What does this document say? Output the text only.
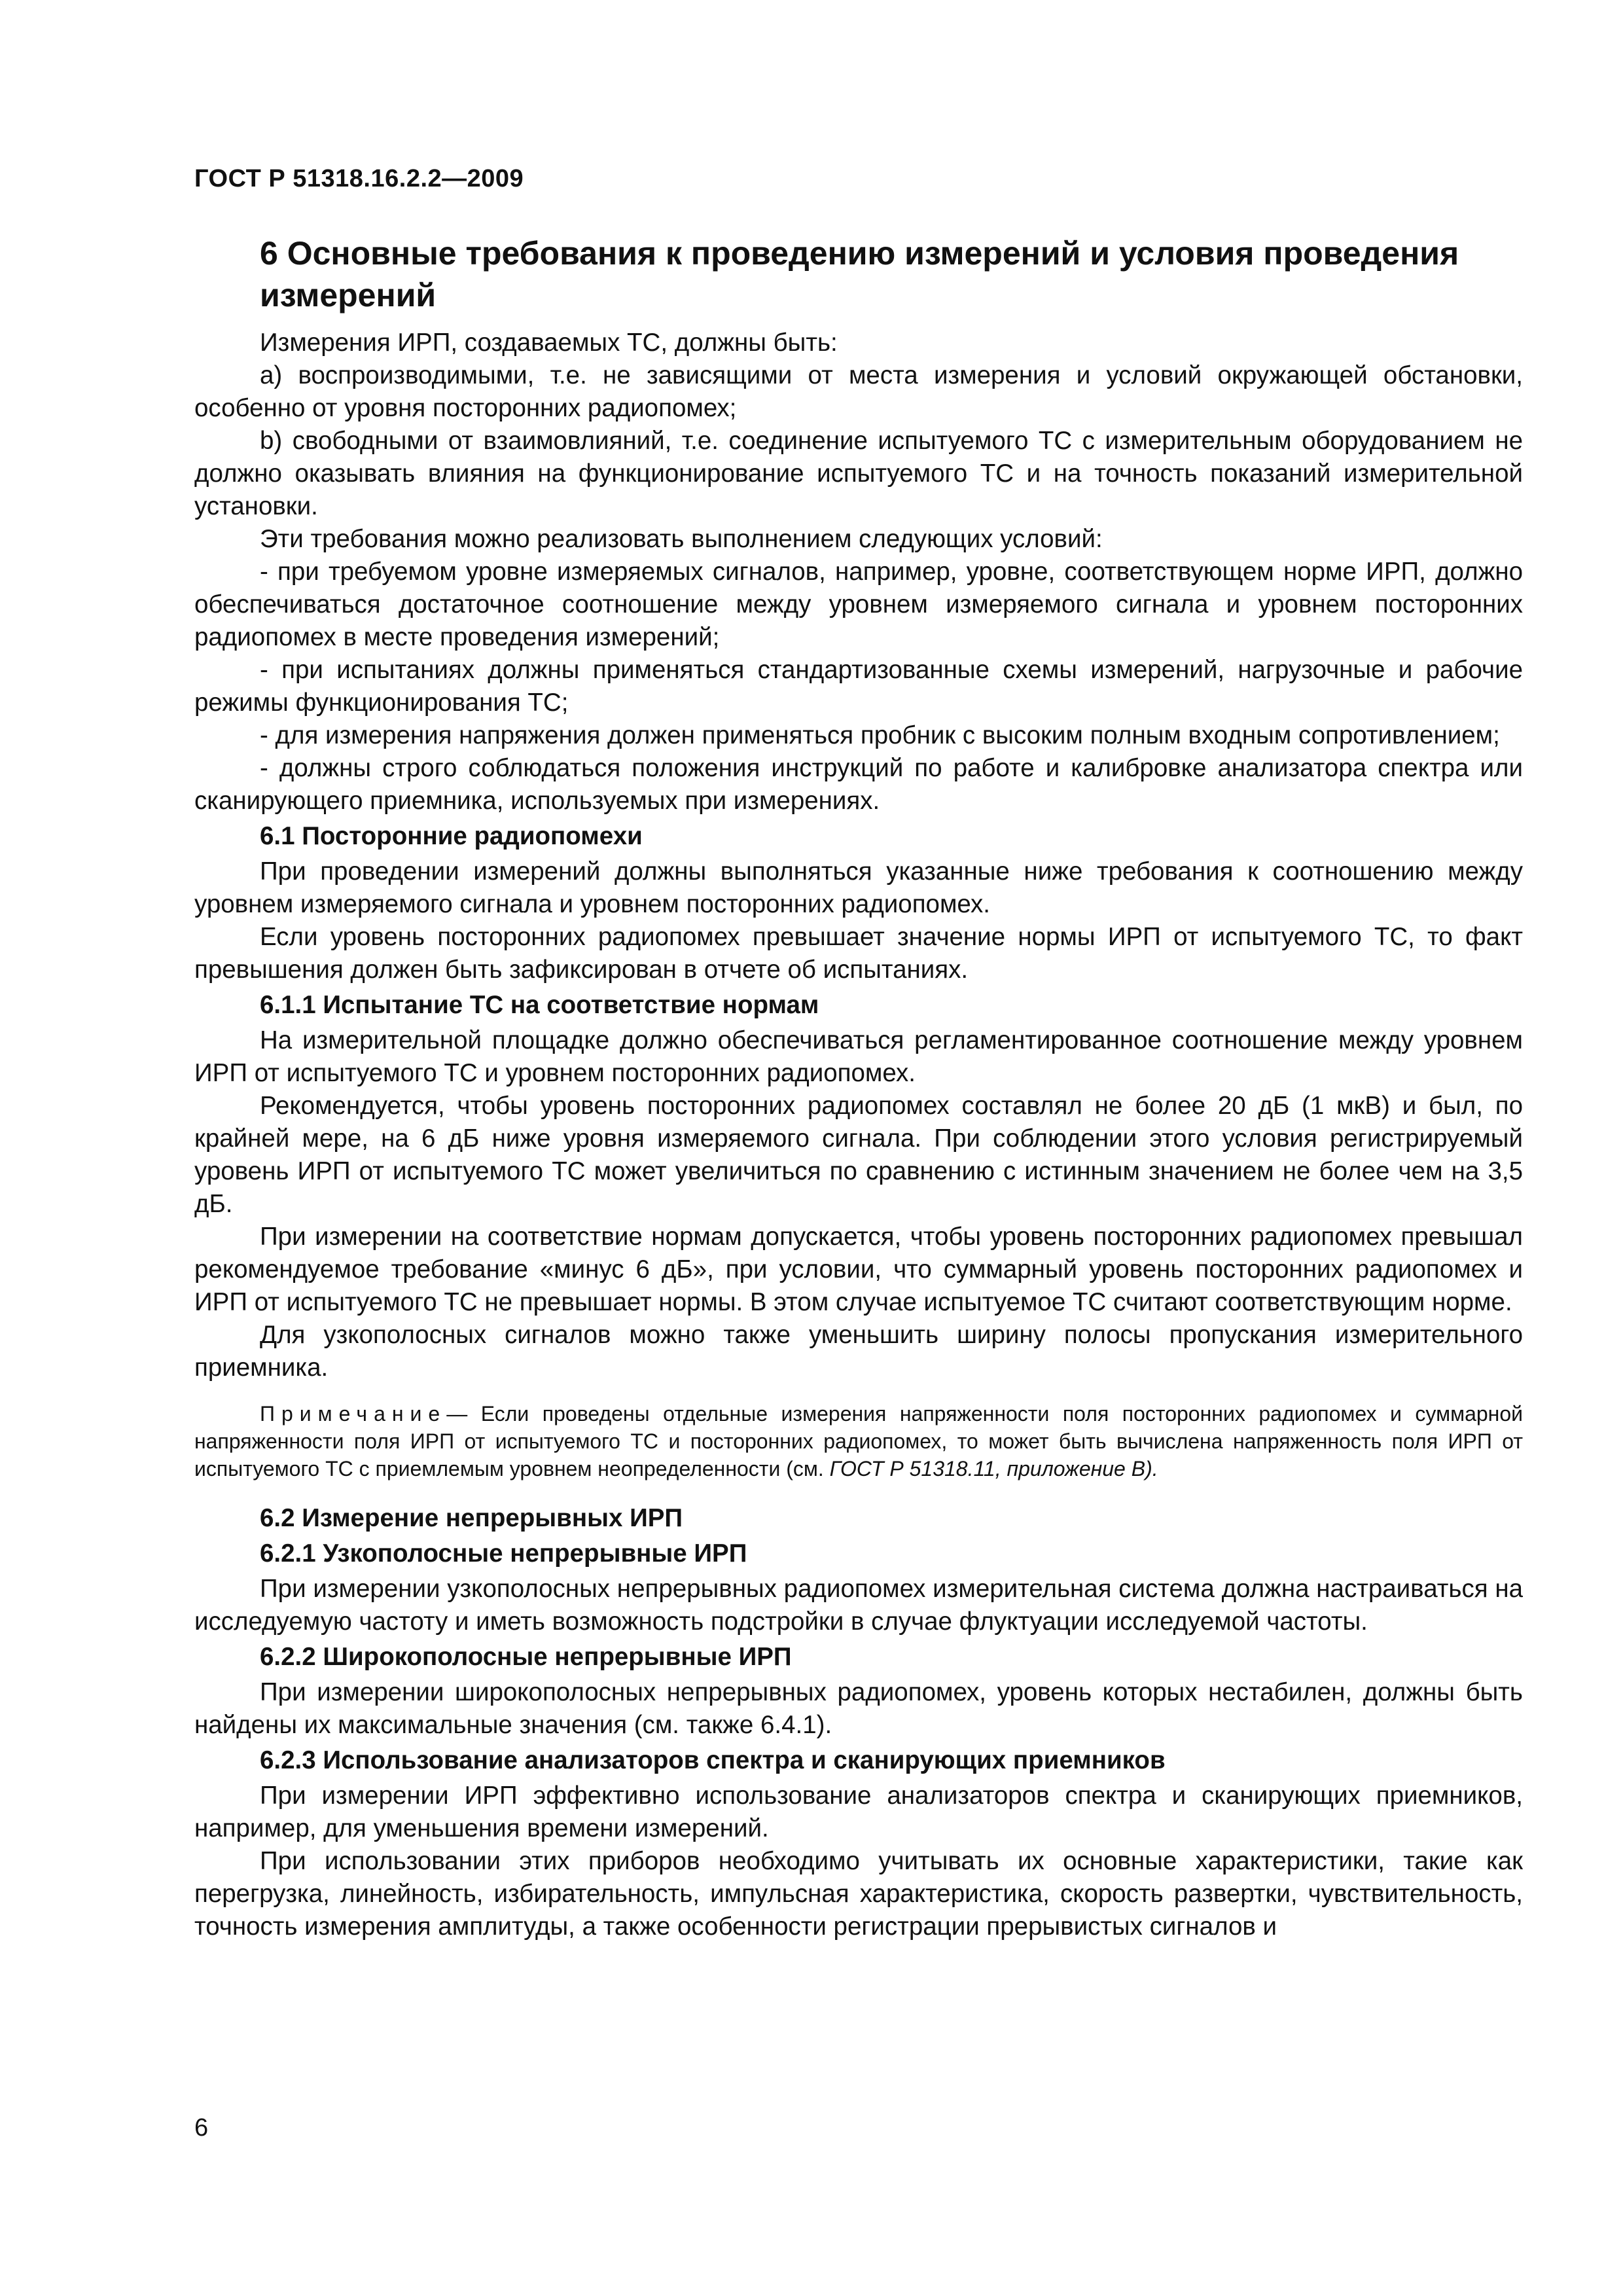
ГОСТ Р 51318.16.2.2—2009
6 Основные требования к проведению измерений и условия проведения измерений

Измерения ИРП, создаваемых ТС, должны быть:

a) воспроизводимыми, т.е. не зависящими от места измерения и условий окружающей обстановки, особенно от уровня посторонних радиопомех;

b) свободными от взаимовлияний, т.е. соединение испытуемого ТС с измерительным оборудованием не должно оказывать влияния на функционирование испытуемого ТС и на точность показаний измерительной установки.

Эти требования можно реализовать выполнением следующих условий:

- при требуемом уровне измеряемых сигналов, например, уровне, соответствующем норме ИРП, должно обеспечиваться достаточное соотношение между уровнем измеряемого сигнала и уровнем посторонних радиопомех в месте проведения измерений;

- при испытаниях должны применяться стандартизованные схемы измерений, нагрузочные и рабочие режимы функционирования ТС;

- для измерения напряжения должен применяться пробник с высоким полным входным сопротивлением;

- должны строго соблюдаться положения инструкций по работе и калибровке анализатора спектра или сканирующего приемника, используемых при измерениях.

6.1 Посторонние радиопомехи

При проведении измерений должны выполняться указанные ниже требования к соотношению между уровнем измеряемого сигнала и уровнем посторонних радиопомех.

Если уровень посторонних радиопомех превышает значение нормы ИРП от испытуемого ТС, то факт превышения должен быть зафиксирован в отчете об испытаниях.

6.1.1 Испытание ТС на соответствие нормам

На измерительной площадке должно обеспечиваться регламентированное соотношение между уровнем ИРП от испытуемого ТС и уровнем посторонних радиопомех.

Рекомендуется, чтобы уровень посторонних радиопомех составлял не более 20 дБ (1 мкВ) и был, по крайней мере, на 6 дБ ниже уровня измеряемого сигнала. При соблюдении этого условия регистрируемый уровень ИРП от испытуемого ТС может увеличиться по сравнению с истинным значением не более чем на 3,5 дБ.

При измерении на соответствие нормам допускается, чтобы уровень посторонних радиопомех превышал рекомендуемое требование «минус 6 дБ», при условии, что суммарный уровень посторонних радиопомех и ИРП от испытуемого ТС не превышает нормы. В этом случае испытуемое ТС считают соответствующим норме.

Для узкополосных сигналов можно также уменьшить ширину полосы пропускания измерительного приемника.

Примечание— Если проведены отдельные измерения напряженности поля посторонних радиопомех и суммарной напряженности поля ИРП от испытуемого ТС и посторонних радиопомех, то может быть вычислена напряженность поля ИРП от испытуемого ТС с приемлемым уровнем неопределенности (см. ГОСТ Р 51318.11, приложение В).
6.2 Измерение непрерывных ИРП
6.2.1 Узкополосные непрерывные ИРП

При измерении узкополосных непрерывных радиопомех измерительная система должна настраиваться на исследуемую частоту и иметь возможность подстройки в случае флуктуации исследуемой частоты.

6.2.2 Широкополосные непрерывные ИРП

При измерении широкополосных непрерывных радиопомех, уровень которых нестабилен, должны быть найдены их максимальные значения (см. также 6.4.1).

6.2.3 Использование анализаторов спектра и сканирующих приемников

При измерении ИРП эффективно использование анализаторов спектра и сканирующих приемников, например, для уменьшения времени измерений.

При использовании этих приборов необходимо учитывать их основные характеристики, такие как перегрузка, линейность, избирательность, импульсная характеристика, скорость развертки, чувствительность, точность измерения амплитуды, а также особенности регистрации прерывистых сигналов и

6
